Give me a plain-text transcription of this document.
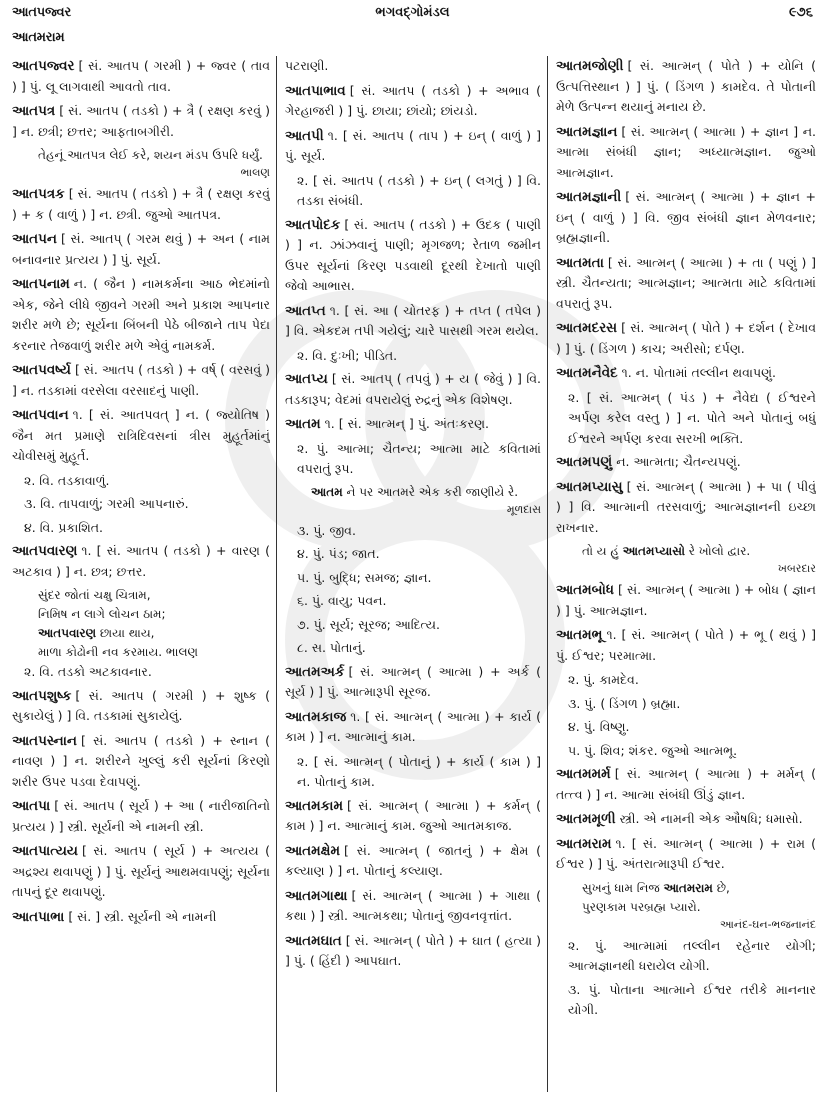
આતપજ્વર
આતમરામ
ભગવદ્ગોમંડલ	૯૭૬

આતપજ્વર [ સં. આતપ ( ગરમી ) + જ્વર ( તાવ ) ] પું. લૂ લાગવાથી આવતો તાવ.

આતપત્ર [ સં. આતપ ( તડકો ) + ત્રૈ ( રક્ષણ કરવું ) ] ન. છત્રી; છત્તર; આફતાબગીરી.

તેહનૂં આતપત્ર લેઈ કરે, શયન મંડપ ઉપરિ ધર્યું.

ભાલણ

આતપત્રક [ સં. આતપ ( તડકો ) + ત્રૈ ( રક્ષણ કરવું ) + ક ( વાળું ) ] ન. છત્રી. જુઓ આતપત્ર.

આતપન [ સં. આતપ્ ( ગરમ થવું ) + અન ( નામ બનાવનાર પ્રત્યય ) ] પું. સૂર્ય.

આતપનામ ન. ( જૈન ) નામકર્મના આઠ ભેદમાંનો એક, જેને લીધે જીવને ગરમી અને પ્રકાશ આપનાર શરીર મળે છે; સૂર્યના બિંબની પેઠે બીજાને તાપ પેદા કરનાર તેજવાળું શરીર મળે એવું નામકર્મ.

આતપવર્ષ્ય [ સં. આતપ ( તડકો ) + વર્ષ્ ( વરસવું ) ] ન. તડકામાં વરસેલા વરસાદનું પાણી.

આતપવાન ૧. [ સં. આતપવત્ ] ન. ( જ્યોતિષ ) જૈન મત પ્રમાણે રાત્રિદિવસનાં ત્રીસ મુહૂર્તમાંનું ચોવીસમું મુહૂર્ત.

૨. વિ. તડકાવાળું.

૩. વિ. તાપવાળું; ગરમી આપનારું.

૪. વિ. પ્રકાશિત.

આતપવારણ ૧. [ સં. આતપ ( તડકો ) + વારણ ( અટકાવ ) ] ન. છત્ર; છત્તર.

સુંદર જોતાં ચક્ષુ ચિત્રામ,

નિમિષ ન લાગે લોચન ઠામ;

આતપવારણ છાયા થાય,

માળા કોઢોની નવ કરમાય. ભાલણ

૨. વિ. તડકો અટકાવનાર.

આતપશુષ્ક [ સં. આતપ ( ગરમી ) + શુષ્ક ( સુકાયેલું ) ] વિ. તડકામાં સુકાયેલું.

આતપસ્નાન [ સં. આતપ ( તડકો ) + સ્નાન ( નાવણ ) ] ન. શરીરને ખુલ્લું કરી સૂર્યનાં કિરણો શરીર ઉપર પડવા દેવાપણું.

આતપા [ સં. આતપ ( સૂર્ય ) + આ ( નારીજાતિનો પ્રત્યય ) ] સ્ત્રી. સૂર્યની એ નામની સ્ત્રી.

આતપાત્યય [ સં. આતપ ( સૂર્ય ) + અત્યય ( અદ્રશ્ય થવાપણું ) ] પું. સૂર્યનું આથમવાપણું; સૂર્યના તાપનું દૂર થવાપણું.

આતપાભા [ સં. ] સ્ત્રી. સૂર્યની એ નામની

પટરાણી.

આતપાભાવ [ સં. આતપ ( તડકો ) + અભાવ ( ગેરહાજરી ) ] પું. છાયા; છાંયો; છાંયડો.

આતપી ૧. [ સં. આતપ ( તાપ ) + ઇન્ ( વાળું ) ] પું. સૂર્ય.

૨. [ સં. આતપ ( તડકો ) + ઇન્ ( લગતું ) ] વિ. તડકા સંબંધી.

આતપોદક [ સં. આતપ ( તડકો ) + ઉદક ( પાણી ) ] ન. ઝાંઝવાનું પાણી; મૃગજળ; રેતાળ જમીન ઉપર સૂર્યનાં કિરણ પડવાથી દૂરથી દેખાતો પાણી જેવો આભાસ.

આતપ્ત ૧. [ સં. આ ( ચોતરફ ) + તપ્ત ( તપેલ ) ] વિ. એકદમ તપી ગયેલું; ચારે પાસથી ગરમ થયેલ.

૨. વિ. દુઃખી; પીડિત.

આતપ્ય [ સં. આતપ્ ( તપવું ) + ય ( જેવું ) ] વિ. તડકારૂપ; વેદમાં વપરાયેલું રુદ્રનું એક વિશેષણ.

આતમ ૧. [ સં. આત્મન્ ] પું. અંતઃકરણ.

૨. પું. આત્મા; ચૈતન્ય; આત્મા માટે કવિતામાં વપરાતું રૂપ.

આતમ ને પર આતમરે એક કરી જાણીયે રે.

મૂળદાસ

૩. પું. જીવ.

૪. પું. પંડ; જાત.

૫. પું. બુદ્ધિ; સમજ; જ્ઞાન.

૬. પું. વાયુ; પવન.

૭. પું. સૂર્ય; સૂરજ; આદિત્ય.

૮. સ. પોતાનું.

આતમઅર્ક [ સં. આત્મન્ ( આત્મા ) + અર્ક ( સૂર્ય ) ] પું. આત્મારૂપી સૂરજ.

આતમકાજ ૧. [ સં. આત્મન્ ( આત્મા ) + કાર્ય ( કામ ) ] ન. આત્માનું કામ.

૨. [ સં. આત્મન્ ( પોતાનું ) + કાર્ય ( કામ ) ] ન. પોતાનું કામ.

આતમકામ [ સં. આત્મન્ ( આત્મા ) + કર્મન્ ( કામ ) ] ન. આત્માનું કામ. જુઓ આતમકાજ.

આતમક્ષેમ [ સં. આત્મન્ ( જાતનું ) + ક્ષેમ ( કલ્યાણ ) ] ન. પોતાનું કલ્યાણ.

આતમગાથા [ સં. આત્મન્ ( આત્મા ) + ગાથા ( કથા ) ] સ્ત્રી. આત્મકથા; પોતાનું જીવનવૃત્તાંત.

આતમઘાત [ સં. આત્મન્ ( પોતે ) + ઘાત ( હત્યા ) ] પું. ( હિંદી ) આપઘાત.

આતમજોણી [ સં. આત્મન્ ( પોતે ) + યોનિ ( ઉત્પત્તિસ્થાન ) ] પું. ( ડિંગળ ) કામદેવ. તે પોતાની મેળે ઉત્પન્ન થયાનું મનાય છે.

આતમજ્ઞાન [ સં. આત્મન્ ( આત્મા ) + જ્ઞાન ] ન. આત્મા સંબંધી જ્ઞાન; અધ્યાત્મજ્ઞાન. જુઓ આત્મજ્ઞાન.

આતમજ્ઞાની [ સં. આત્મન્ ( આત્મા ) + જ્ઞાન + ઇન્ ( વાળું ) ] વિ. જીવ સંબંધી જ્ઞાન મેળવનાર; બ્રહ્મજ્ઞાની.

આતમતા [ સં. આત્મન્ ( આત્મા ) + તા ( પણું ) ] સ્ત્રી. ચૈતન્યતા; આત્મજ્ઞાન; આત્મતા માટે કવિતામાં વપરાતું રૂપ.

આતમદરસ [ સં. આત્મન્ ( પોતે ) + દર્શન ( દેખાવ ) ] પું. ( ડિંગળ ) કાચ; અરીસો; દર્પણ.

આતમનૈવેદ ૧. ન. પોતામાં તલ્લીન થવાપણું.

૨. [ સં. આત્મન્ ( પંડ ) + નૈવેદ્ય ( ઈશ્વરને અર્પણ કરેલ વસ્તુ ) ] ન. પોતે અને પોતાનું બધું ઈશ્વરને અર્પણ કરવા સરખી ભક્તિ.

આતમપણું ન. આત્મતા; ચૈતન્યપણું.

આતમપ્યાસુ [ સં. આત્મન્ ( આત્મા ) + પા ( પીવું ) ] વિ. આત્માની તરસવાળું; આત્મજ્ઞાનની ઇચ્છા રાખનાર.

તો ય હું આતમપ્યાસો રે ખોલો દ્વાર.

ખબરદાર

આતમબોધ [ સં. આત્મન્ ( આત્મા ) + બોધ ( જ્ઞાન ) ] પું. આત્મજ્ઞાન.

આતમભૂ ૧. [ સં. આત્મન્ ( પોતે ) + ભૂ ( થવું ) ] પું. ઈશ્વર; પરમાત્મા.

૨. પું. કામદેવ.

૩. પું. ( ડિંગળ ) બ્રહ્મા.

૪. પું. વિષ્ણુ.

૫. પું. શિવ; શંકર. જુઓ આત્મભૂ.

આતમમર્મ [ સં. આત્મન્ ( આત્મા ) + મર્મન્ ( તત્ત્વ ) ] ન. આત્મા સંબંધી ઊંડું જ્ઞાન.

આતમમૂળી સ્ત્રી. એ નામની એક ઔષધિ; ધમાસો.

આતમરામ ૧. [ સં. આત્મન્ ( આત્મા ) + રામ ( ઈશ્વર ) ] પું. અંતરાત્મારૂપી ઈશ્વર.

સુખનું ધામ નિજ આતમરામ છે,

પુરણકામ પરબ્રહ્મ પ્યારો.

આનંદ-ઘન-ભજનાનંદ

૨. પું. આત્મામાં તલ્લીન રહેનાર યોગી; આત્મજ્ઞાનથી ધરાયેલ યોગી.

૩. પું. પોતાના આત્માને ઈશ્વર તરીકે માનનાર યોગી.
